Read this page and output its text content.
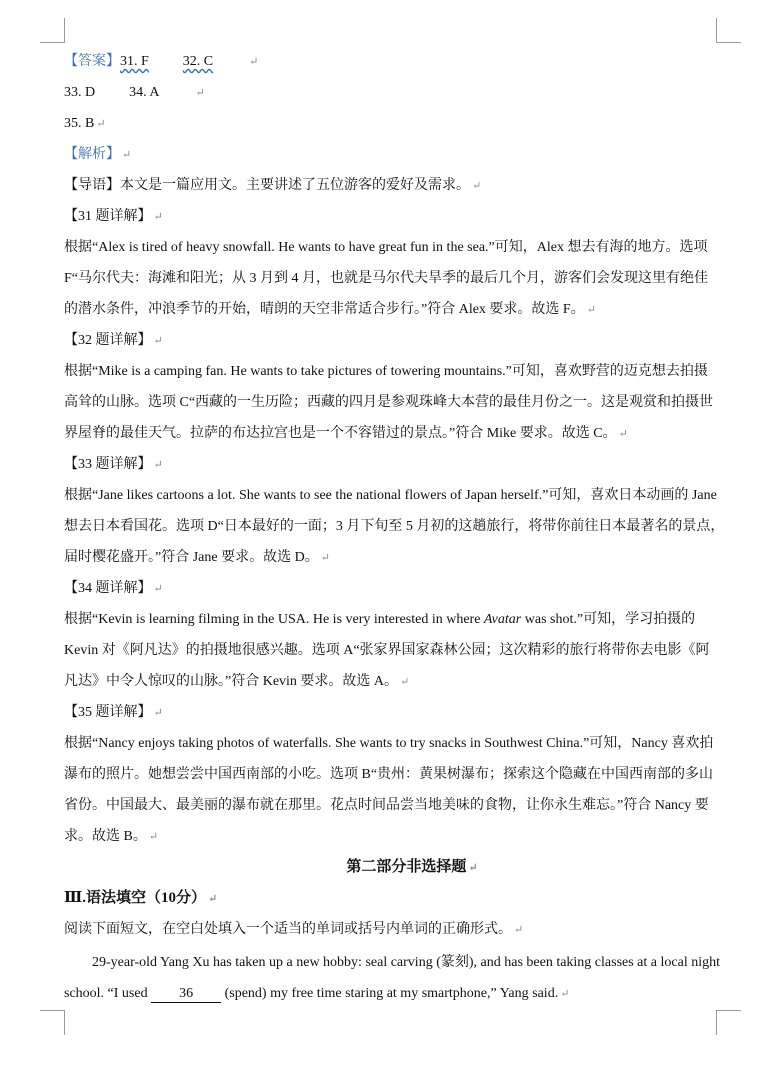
【答案】31. F 32. C	↵
33. D 34. A	↵
35. B ↵
【解析】 ↵
【导语】本文是一篇应用文。主要讲述了五位游客的爱好及需求。 ↵
【31 题详解】 ↵
根据“Alex is tired of heavy snowfall. He wants to have great fun in the sea.”可知，Alex 想去有海的地方。选项
F“马尔代夫：海滩和阳光；从 3 月到 4 月，也就是马尔代夫旱季的最后几个月，游客们会发现这里有绝佳
的潜水条件，冲浪季节的开始，晴朗的天空非常适合步行。”符合 Alex 要求。故选 F。 ↵
【32 题详解】 ↵
根据“Mike is a camping fan. He wants to take pictures of towering mountains.”可知，喜欢野营的迈克想去拍摄
高耸的山脉。选项 C“西藏的一生历险；西藏的四月是参观珠峰大本营的最佳月份之一。这是观赏和拍摄世
界屋脊的最佳天气。拉萨的布达拉宫也是一个不容错过的景点。”符合 Mike 要求。故选 C。 ↵
【33 题详解】 ↵
根据“Jane likes cartoons a lot. She wants to see the national flowers of Japan herself.”可知，喜欢日本动画的 Jane
想去日本看国花。选项 D“日本最好的一面；3 月下旬至 5 月初的这趟旅行，将带你前往日本最著名的景点，
届时樱花盛开。”符合 Jane 要求。故选 D。 ↵
【34 题详解】 ↵
根据“Kevin is learning filming in the USA. He is very interested in where Avatar was shot.”可知，学习拍摄的
Kevin 对《阿凡达》的拍摄地很感兴趣。选项 A“张家界国家森林公园；这次精彩的旅行将带你去电影《阿
凡达》中令人惊叹的山脉。”符合 Kevin 要求。故选 A。 ↵
【35 题详解】 ↵
根据“Nancy enjoys taking photos of waterfalls. She wants to try snacks in Southwest China.”可知，Nancy 喜欢拍
瀑布的照片。她想尝尝中国西南部的小吃。选项 B“贵州：黄果树瀑布；探索这个隐藏在中国西南部的多山
省份。中国最大、最美丽的瀑布就在那里。花点时间品尝当地美味的食物，让你永生难忘。”符合 Nancy 要
求。故选 B。 ↵
第二部分非选择题 ↵
Ⅲ.语法填空（10分） ↵
阅读下面短文，在空白处填入一个适当的单词或括号内单词的正确形式。 ↵
29-year-old Yang Xu has taken up a new hobby: seal carving (篆刻), and has been taking classes at a local night
school. “I used 36 (spend) my free time staring at my smartphone,” Yang said. ↵
